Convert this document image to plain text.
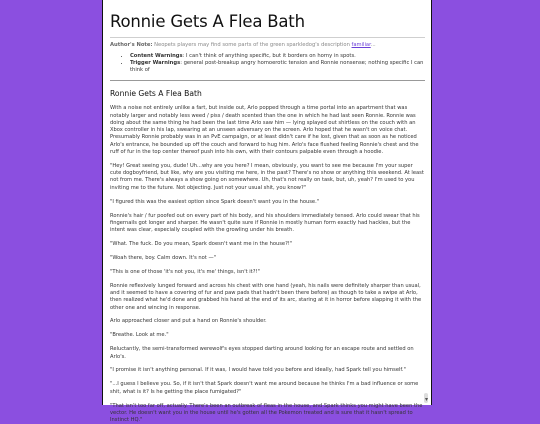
Ronnie Gets A Flea Bath
Author's Note: Neopets players may find some parts of the green sparkledog's description familiar...
• Content Warnings: I can't think of anything specific, but it borders on horny in spots.
• Trigger Warnings: general post-breakup angry homoerotic tension and Ronnie nonsense; nothing specific I can think of
Ronnie Gets A Flea Bath

With a noise not entirely unlike a fart, but inside out, Arlo popped through a time portal into an apartment that was notably larger and notably less weed / piss / death scented than the one in which he had last seen Ronnie. Ronnie was doing about the same thing he had been the last time Arlo saw him — lying splayed out shirtless on the couch with an Xbox controller in his lap, swearing at an unseen adversary on the screen. Arlo hoped that he wasn't on voice chat. Presumably Ronnie probably was in an PvE campaign, or at least didn't care if he lost, given that as soon as he noticed Arlo's entrance, he bounded up off the couch and forward to hug him. Arlo's face flushed feeling Ronnie's chest and the ruff of fur in the top center thereof push into his own, with their contours palpable even through a hoodie.

"Hey! Great seeing you, dude! Uh...why are you here? I mean, obviously, you want to see me because I'm your super cute dogboyfriend, but like, why are you visiting me here, in the past? There's no show or anything this weekend. At least not from me. There's always a show going on somewhere. Uh, that's not really on task, but, uh, yeah? I'm used to you inviting me to the future. Not objecting. Just not your usual shit, you know?"

"I figured this was the easiest option since Spark doesn't want you in the house."

Ronnie's hair / fur poofed out on every part of his body, and his shoulders immediately tensed. Arlo could swear that his fingernails got longer and sharper. He wasn't quite sure if Ronnie in mostly human form exactly had hackles, but the intent was clear, especially coupled with the growling under his breath.

"What. The fuck. Do you mean, Spark doesn't want me in the house?!"

"Woah there, boy. Calm down. It's not —"

"This is one of those 'it's not you, it's me' things, isn't it?!"

Ronnie reflexively lunged forward and across his chest with one hand (yeah, his nails were definitely sharper than usual, and it seemed to have a covering of fur and paw pads that hadn't been there before) as though to take a swipe at Arlo, then realized what he'd done and grabbed his hand at the end of its arc, staring at it in horror before slapping it with the other one and wincing in response.

Arlo approached closer and put a hand on Ronnie's shoulder.

"Breathe. Look at me."

Reluctantly, the semi-transformed werewolf's eyes stopped darting around looking for an escape route and settled on Arlo's.

"I promise it isn't anything personal. If it was, I would have told you before and ideally, had Spark tell you himself."

"...I guess I believe you. So, if it isn't that Spark doesn't want me around because he thinks I'm a bad influence or some shit, what is it? Is he getting the place fumigated?"

"That isn't too far off, actually. There's been an outbreak of fleas in the house, and Spark thinks you might have been the vector. He doesn't want you in the house until he's gotten all the Pokemon treated and is sure that it hasn't spread to Instinct HQ."

▾
